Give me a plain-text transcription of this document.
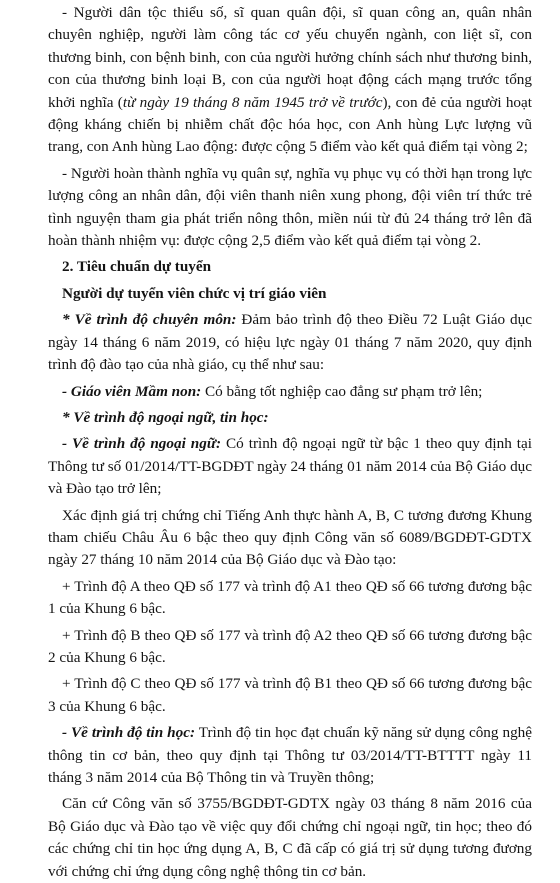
- Người dân tộc thiểu số, sĩ quan quân đội, sĩ quan công an, quân nhân chuyên nghiệp, người làm công tác cơ yếu chuyển ngành, con liệt sĩ, con thương binh, con bệnh binh, con của người hưởng chính sách như thương binh, con của thương binh loại B, con của người hoạt động cách mạng trước tổng khởi nghĩa (từ ngày 19 tháng 8 năm 1945 trở về trước), con đẻ của người hoạt động kháng chiến bị nhiễm chất độc hóa học, con Anh hùng Lực lượng vũ trang, con Anh hùng Lao động: được cộng 5 điểm vào kết quả điểm tại vòng 2;

- Người hoàn thành nghĩa vụ quân sự, nghĩa vụ phục vụ có thời hạn trong lực lượng công an nhân dân, đội viên thanh niên xung phong, đội viên trí thức trẻ tình nguyện tham gia phát triển nông thôn, miền núi từ đủ 24 tháng trở lên đã hoàn thành nhiệm vụ: được cộng 2,5 điểm vào kết quả điểm tại vòng 2.

2. Tiêu chuẩn dự tuyển

Người dự tuyển viên chức vị trí giáo viên

* Về trình độ chuyên môn: Đảm bảo trình độ theo Điều 72 Luật Giáo dục ngày 14 tháng 6 năm 2019, có hiệu lực ngày 01 tháng 7 năm 2020, quy định trình độ đào tạo của nhà giáo, cụ thể như sau:

- Giáo viên Mầm non: Có bằng tốt nghiệp cao đẳng sư phạm trở lên;

* Về trình độ ngoại ngữ, tin học:

- Về trình độ ngoại ngữ: Có trình độ ngoại ngữ từ bậc 1 theo quy định tại Thông tư số 01/2014/TT-BGDĐT ngày 24 tháng 01 năm 2014 của Bộ Giáo dục và Đào tạo trở lên;

Xác định giá trị chứng chỉ Tiếng Anh thực hành A, B, C tương đương Khung tham chiếu Châu Âu 6 bậc theo quy định Công văn số 6089/BGDĐT-GDTX ngày 27 tháng 10 năm 2014 của Bộ Giáo dục và Đào tạo:

+ Trình độ A theo QĐ số 177 và trình độ A1 theo QĐ số 66 tương đương bậc 1 của Khung 6 bậc.

+ Trình độ B theo QĐ số 177 và trình độ A2 theo QĐ số 66 tương đương bậc 2 của Khung 6 bậc.

+ Trình độ C theo QĐ số 177 và trình độ B1 theo QĐ số 66 tương đương bậc 3 của Khung 6 bậc.

- Về trình độ tin học: Trình độ tin học đạt chuẩn kỹ năng sử dụng công nghệ thông tin cơ bản, theo quy định tại Thông tư 03/2014/TT-BTTTT ngày 11 tháng 3 năm 2014 của Bộ Thông tin và Truyền thông;

Căn cứ Công văn số 3755/BGDĐT-GDTX ngày 03 tháng 8 năm 2016 của Bộ Giáo dục và Đào tạo về việc quy đổi chứng chỉ ngoại ngữ, tin học; theo đó các chứng chỉ tin học ứng dụng A, B, C đã cấp có giá trị sử dụng tương đương với chứng chỉ ứng dụng công nghệ thông tin cơ bản.
